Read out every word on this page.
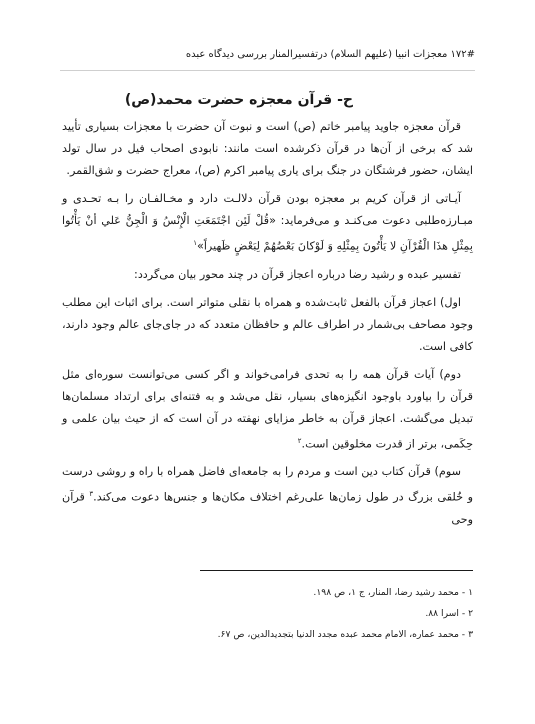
۱۷۲# معجزات انبیا (علیهم السلام) درتفسیرالمنار بررسی دیدگاه عبده
ح- قرآن معجزه حضرت محمد(ص)

قرآن معجزه جاوید پیامبر خاتم (ص) است و نبوت آن حضرت با معجزات بسیاری تأیید شد که برخی از آن‌ها در قرآن ذکرشده است مانند: نابودی اصحاب فیل در سال تولد ایشان، حضور فرشتگان در جنگ برای یاری پیامبر اکرم (ص)، معراج حضرت و شق‌القمر.

آیـاتی از قرآن کریم بر معجزه بودن قرآن دلالـت دارد و مخـالفـان را بـه تحـدی و مبـارزه‌طلبی دعوت می‌کنـد و می‌فرماید: «قُلْ لَئِن اجْتَمَعَتِ الْإِنْسُ وَ الْجِنُّ عَلي‌ أنْ يَأْتُوا بِمِثْلِ هذَا الْقُرْآنِ لا يَأْتُونَ بِمِثْلِهِ وَ لَوْكانَ بَعْضُهُمْ لِبَعْضٍ ظَهيراً»$^۱$

تفسیر عبده و رشید رضا درباره اعجاز قرآن در چند محور بیان می‌گردد:

اول) اعجاز قرآن بالفعل ثابت‌شده و همراه با نقلی متواتر است. برای اثبات این مطلب وجود مصاحف بی‌شمار در اطراف عالم و حافظان متعدد که در جای‌جای عالم وجود دارند، کافی است.

دوم) آیات قرآن همه را به تحدی فرامی‌خواند و اگر کسی می‌توانست سوره‌ای مثل قرآن را بیاورد باوجود انگیزه‌های بسیار، نقل می‌شد و به فتنه‌ای برای ارتداد مسلمان‌ها تبدیل می‌گشت. اعجاز قرآن به خاطر مزایای نهفته در آن است که از حیث بیان علمی و حِکَمی، برتر از قدرت مخلوقین است.$^۲$

سوم) قرآن کتاب دین است و مردم را به جامعه‌ای فاضل همراه با راه و روشی درست و خُلقی بزرگ در طول زمان‌ها علی‌رغم اختلاف مکان‌ها و جنس‌ها دعوت می‌کند.$^۳$ قرآن وحی

۱ - محمد رشید رضا، المنار، ج ۱، ص ۱۹۸.

۲ - اسرا ۸۸.

۳ - محمد عماره، الامام محمد عبده مجدد الدنیا بتجدیدالدین، ص ۶۷.
